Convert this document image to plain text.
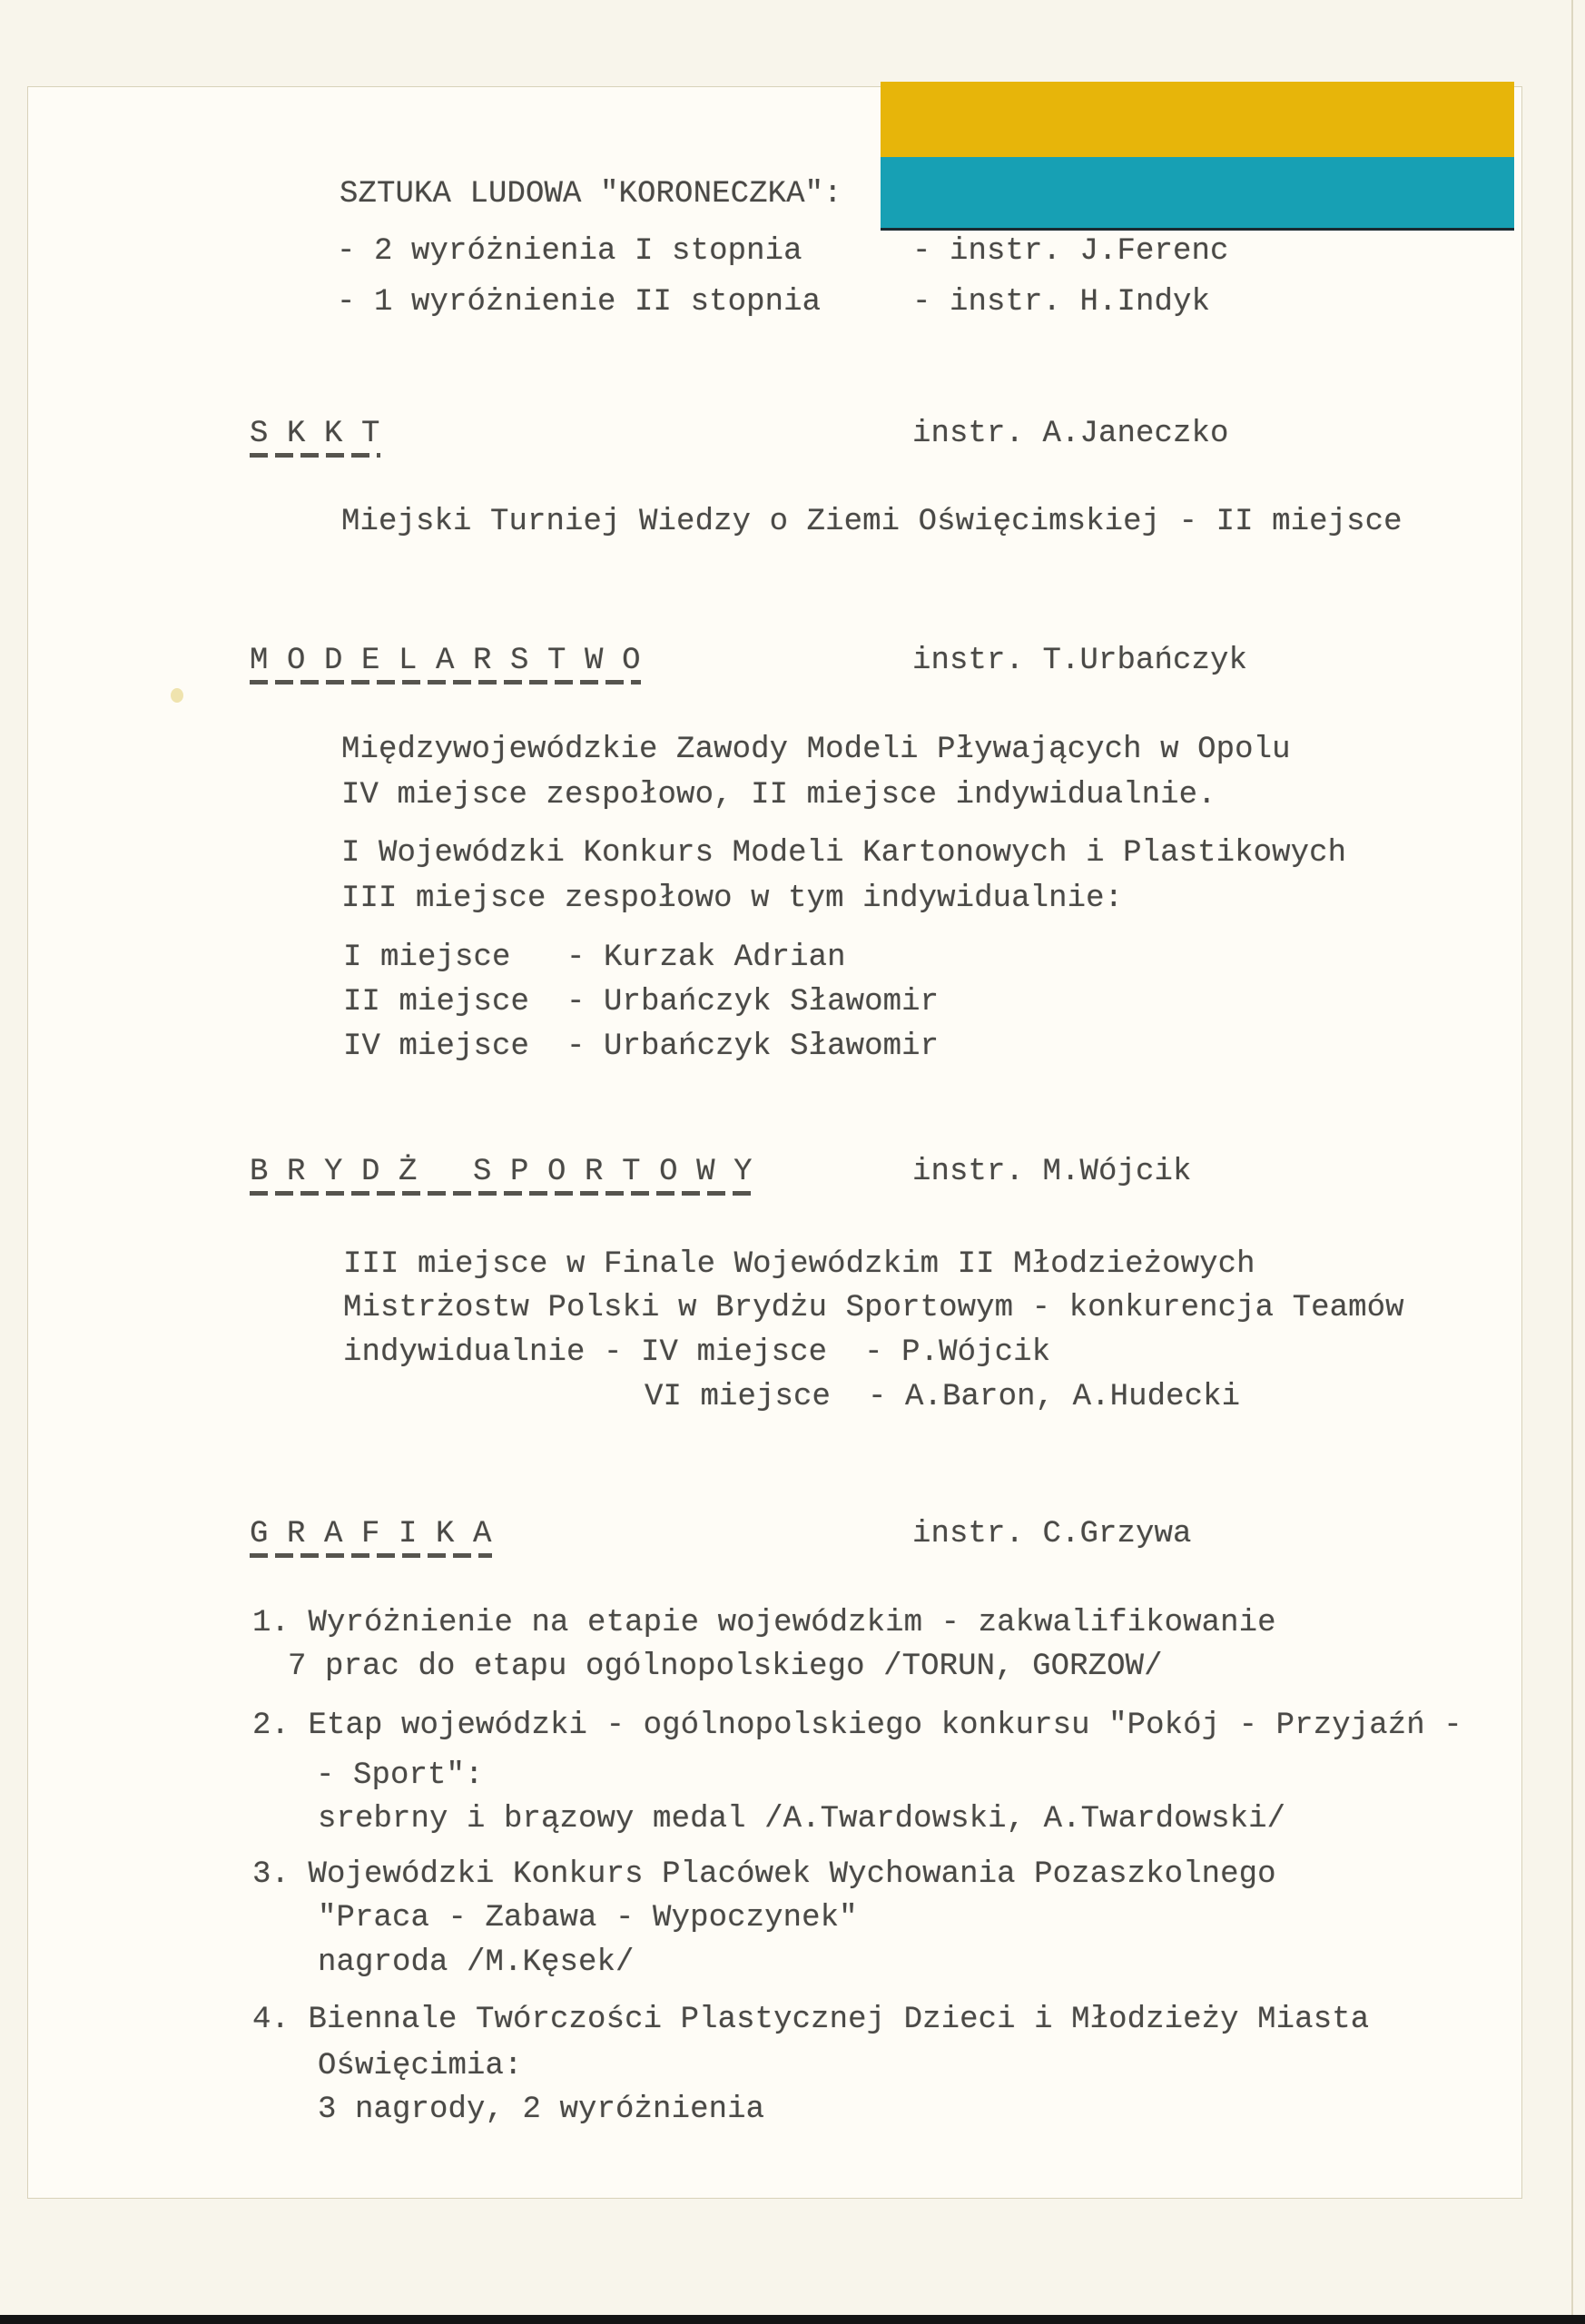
SZTUKA LUDOWA "KORONECZKA":
- 2 wyróżnienia I stopnia	- instr. J.Ferenc
- 1 wyróżnienie II stopnia	- instr. H.Indyk
S K K T	instr. A.Janeczko
Miejski Turniej Wiedzy o Ziemi Oświęcimskiej - II miejsce
M O D E L A R S T W O	instr. T.Urbańczyk
Międzywojewódzkie Zawody Modeli Pływających w Opolu
IV miejsce zespołowo, II miejsce indywidualnie.
I Wojewódzki Konkurs Modeli Kartonowych i Plastikowych
III miejsce zespołowo w tym indywidualnie:
I miejsce   - Kurzak Adrian
II miejsce  - Urbańczyk Sławomir
IV miejsce  - Urbańczyk Sławomir
B R Y D Ż   S P O R T O W Y	instr. M.Wójcik
III miejsce w Finale Wojewódzkim II Młodzieżowych
Mistrżostw Polski w Brydżu Sportowym - konkurencja Teamów
indywidualnie - IV miejsce  - P.Wójcik
VI miejsce  - A.Baron, A.Hudecki
G R A F I K A	instr. C.Grzywa
1. Wyróżnienie na etapie wojewódzkim - zakwalifikowanie
7 prac do etapu ogólnopolskiego /TORUN, GORZOW/
2. Etap wojewódzki - ogólnopolskiego konkursu "Pokój - Przyjaźń -
- Sport":
srebrny i brązowy medal /A.Twardowski, A.Twardowski/
3. Wojewódzki Konkurs Placówek Wychowania Pozaszkolnego
"Praca - Zabawa - Wypoczynek"
nagroda /M.Kęsek/
4. Biennale Twórczości Plastycznej Dzieci i Młodzieży Miasta
Oświęcimia:
3 nagrody, 2 wyróżnienia
